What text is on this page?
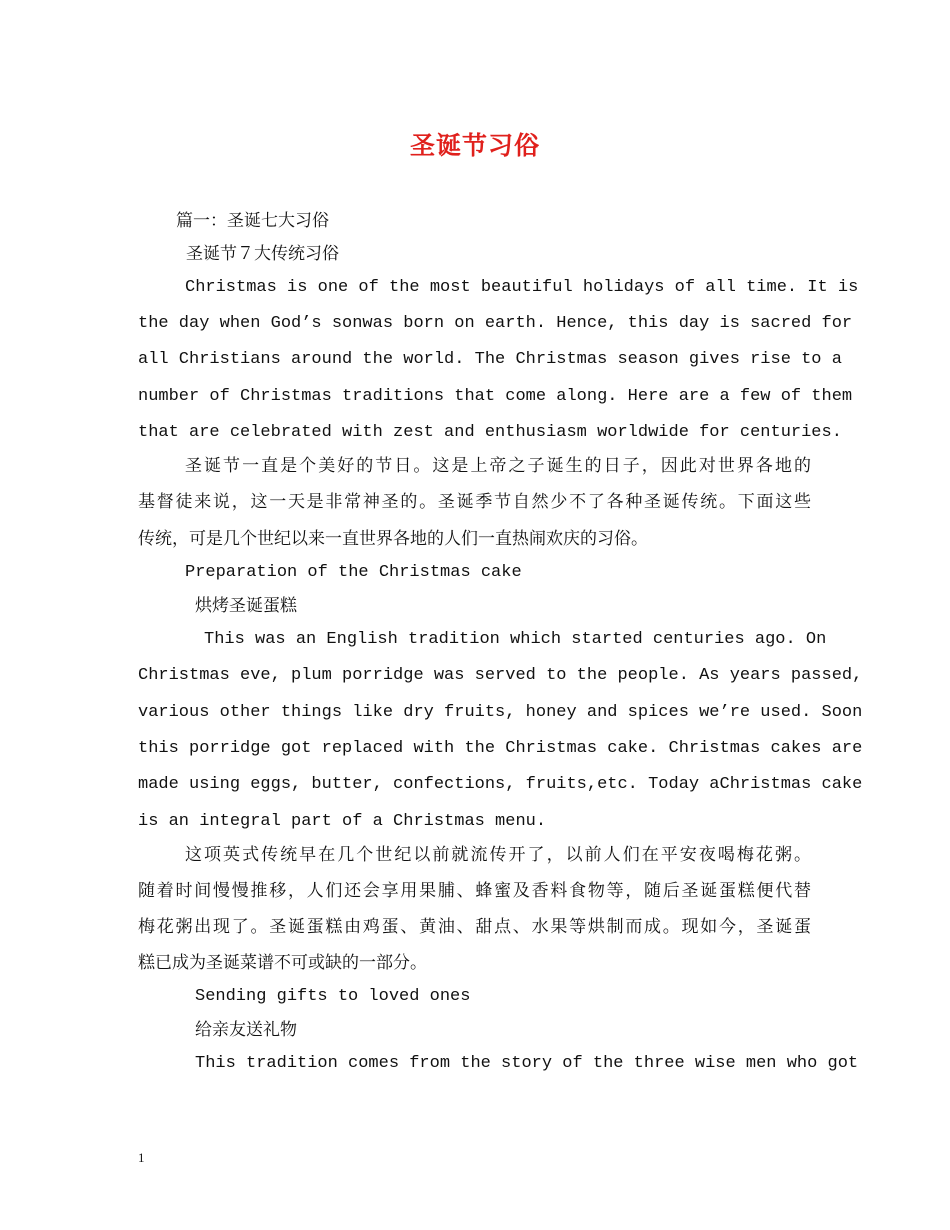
圣诞节习俗
篇一：圣诞七大习俗
圣诞节７大传统习俗
Christmas is one of the most beautiful holidays of all time. It is
the day when God’s sonwas born on earth. Hence, this day is sacred for
all Christians around the world. The Christmas season gives rise to a
number of Christmas traditions that come along. Here are a few of them
that are celebrated with zest and enthusiasm worldwide for centuries.
圣诞节一直是个美好的节日。这是上帝之子诞生的日子，因此对世界各地的
基督徒来说，这一天是非常神圣的。圣诞季节自然少不了各种圣诞传统。下面这些
传统，可是几个世纪以来一直世界各地的人们一直热闹欢庆的习俗。
Preparation of the Christmas cake
烘烤圣诞蛋糕
This was an English tradition which started centuries ago. On
Christmas eve, plum porridge was served to the people. As years passed,
various other things like dry fruits, honey and spices we’re used. Soon
this porridge got replaced with the Christmas cake. Christmas cakes are
made using eggs, butter, confections, fruits,etc. Today aChristmas cake
is an integral part of a Christmas menu.
这项英式传统早在几个世纪以前就流传开了，以前人们在平安夜喝梅花粥。
随着时间慢慢推移，人们还会享用果脯、蜂蜜及香料食物等，随后圣诞蛋糕便代替
梅花粥出现了。圣诞蛋糕由鸡蛋、黄油、甜点、水果等烘制而成。现如今，圣诞蛋
糕已成为圣诞菜谱不可或缺的一部分。
Sending gifts to loved ones
给亲友送礼物
This tradition comes from the story of the three wise men who got
1
